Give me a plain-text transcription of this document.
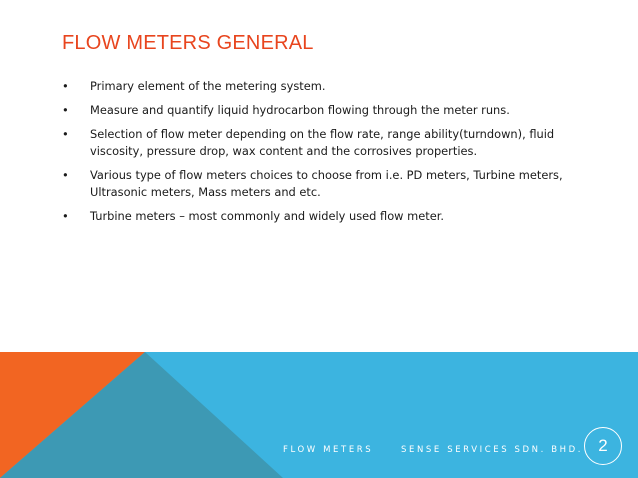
FLOW METERS GENERAL
• Primary element of the metering system.
• Measure and quantify liquid hydrocarbon flowing through the meter runs.
• Selection of flow meter depending on the flow rate, range ability(turndown), fluid viscosity, pressure drop, wax content and the corrosives properties.
• Various type of flow meters choices to choose from i.e. PD meters, Turbine meters, Ultrasonic meters, Mass meters and etc.
• Turbine meters – most commonly and widely used flow meter.
FLOW METERS	SENSE SERVICES SDN. BHD. 2
